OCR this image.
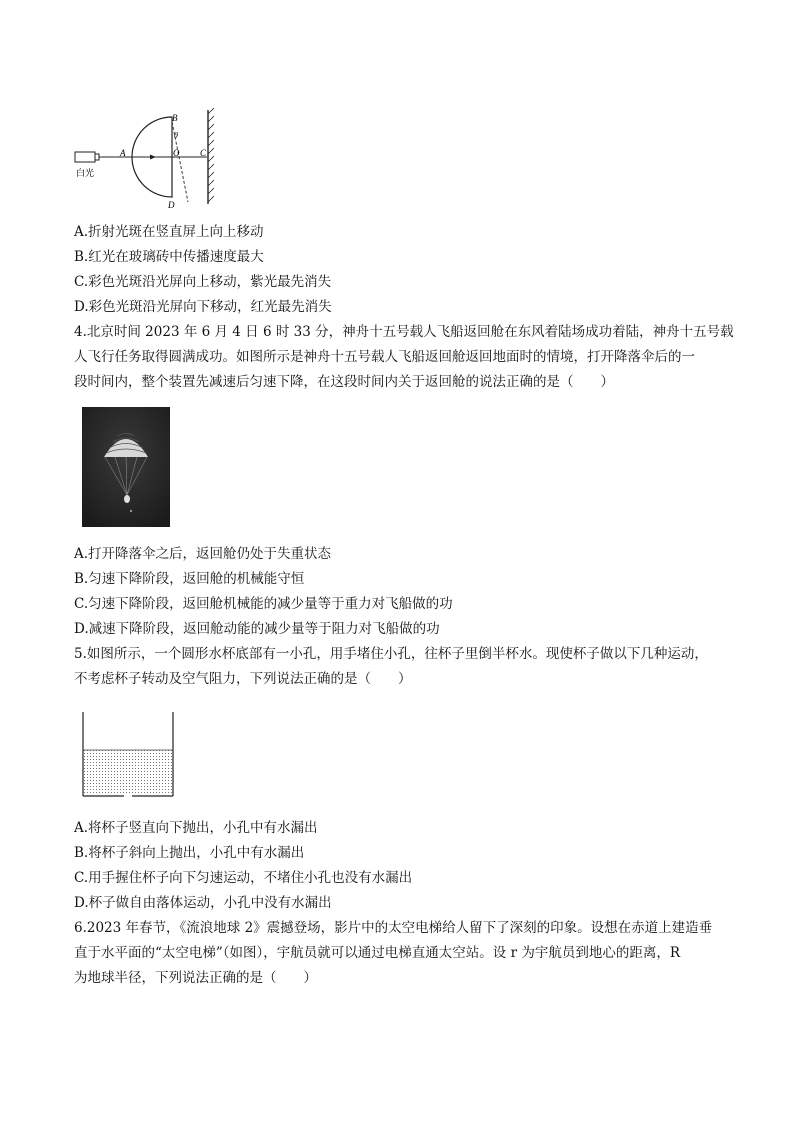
B
θ
A	O C
D
白光
A.折射光斑在竖直屏上向上移动
B.红光在玻璃砖中传播速度最大
C.彩色光斑沿光屏向上移动，紫光最先消失
D.彩色光斑沿光屏向下移动，红光最先消失
4.北京时间 2023 年 6 月 4 日 6 时 33 分，神舟十五号载人飞船返回舱在东风着陆场成功着陆，神舟十五号载
人飞行任务取得圆满成功。如图所示是神舟十五号载人飞船返回舱返回地面时的情境，打开降落伞后的一
段时间内，整个装置先减速后匀速下降，在这段时间内关于返回舱的说法正确的是（　　）
A.打开降落伞之后，返回舱仍处于失重状态
B.匀速下降阶段，返回舱的机械能守恒
C.匀速下降阶段，返回舱机械能的减少量等于重力对飞船做的功
D.减速下降阶段，返回舱动能的减少量等于阻力对飞船做的功
5.如图所示，一个圆形水杯底部有一小孔，用手堵住小孔，往杯子里倒半杯水。现使杯子做以下几种运动，
不考虑杯子转动及空气阻力，下列说法正确的是（　　）
A.将杯子竖直向下抛出，小孔中有水漏出
B.将杯子斜向上抛出，小孔中有水漏出
C.用手握住杯子向下匀速运动，不堵住小孔也没有水漏出
D.杯子做自由落体运动，小孔中没有水漏出
6.2023 年春节，《流浪地球 2》震撼登场，影片中的太空电梯给人留下了深刻的印象。设想在赤道上建造垂
直于水平面的“太空电梯”（如图），宇航员就可以通过电梯直通太空站。设 r 为宇航员到地心的距离，R
为地球半径，下列说法正确的是（　　）
